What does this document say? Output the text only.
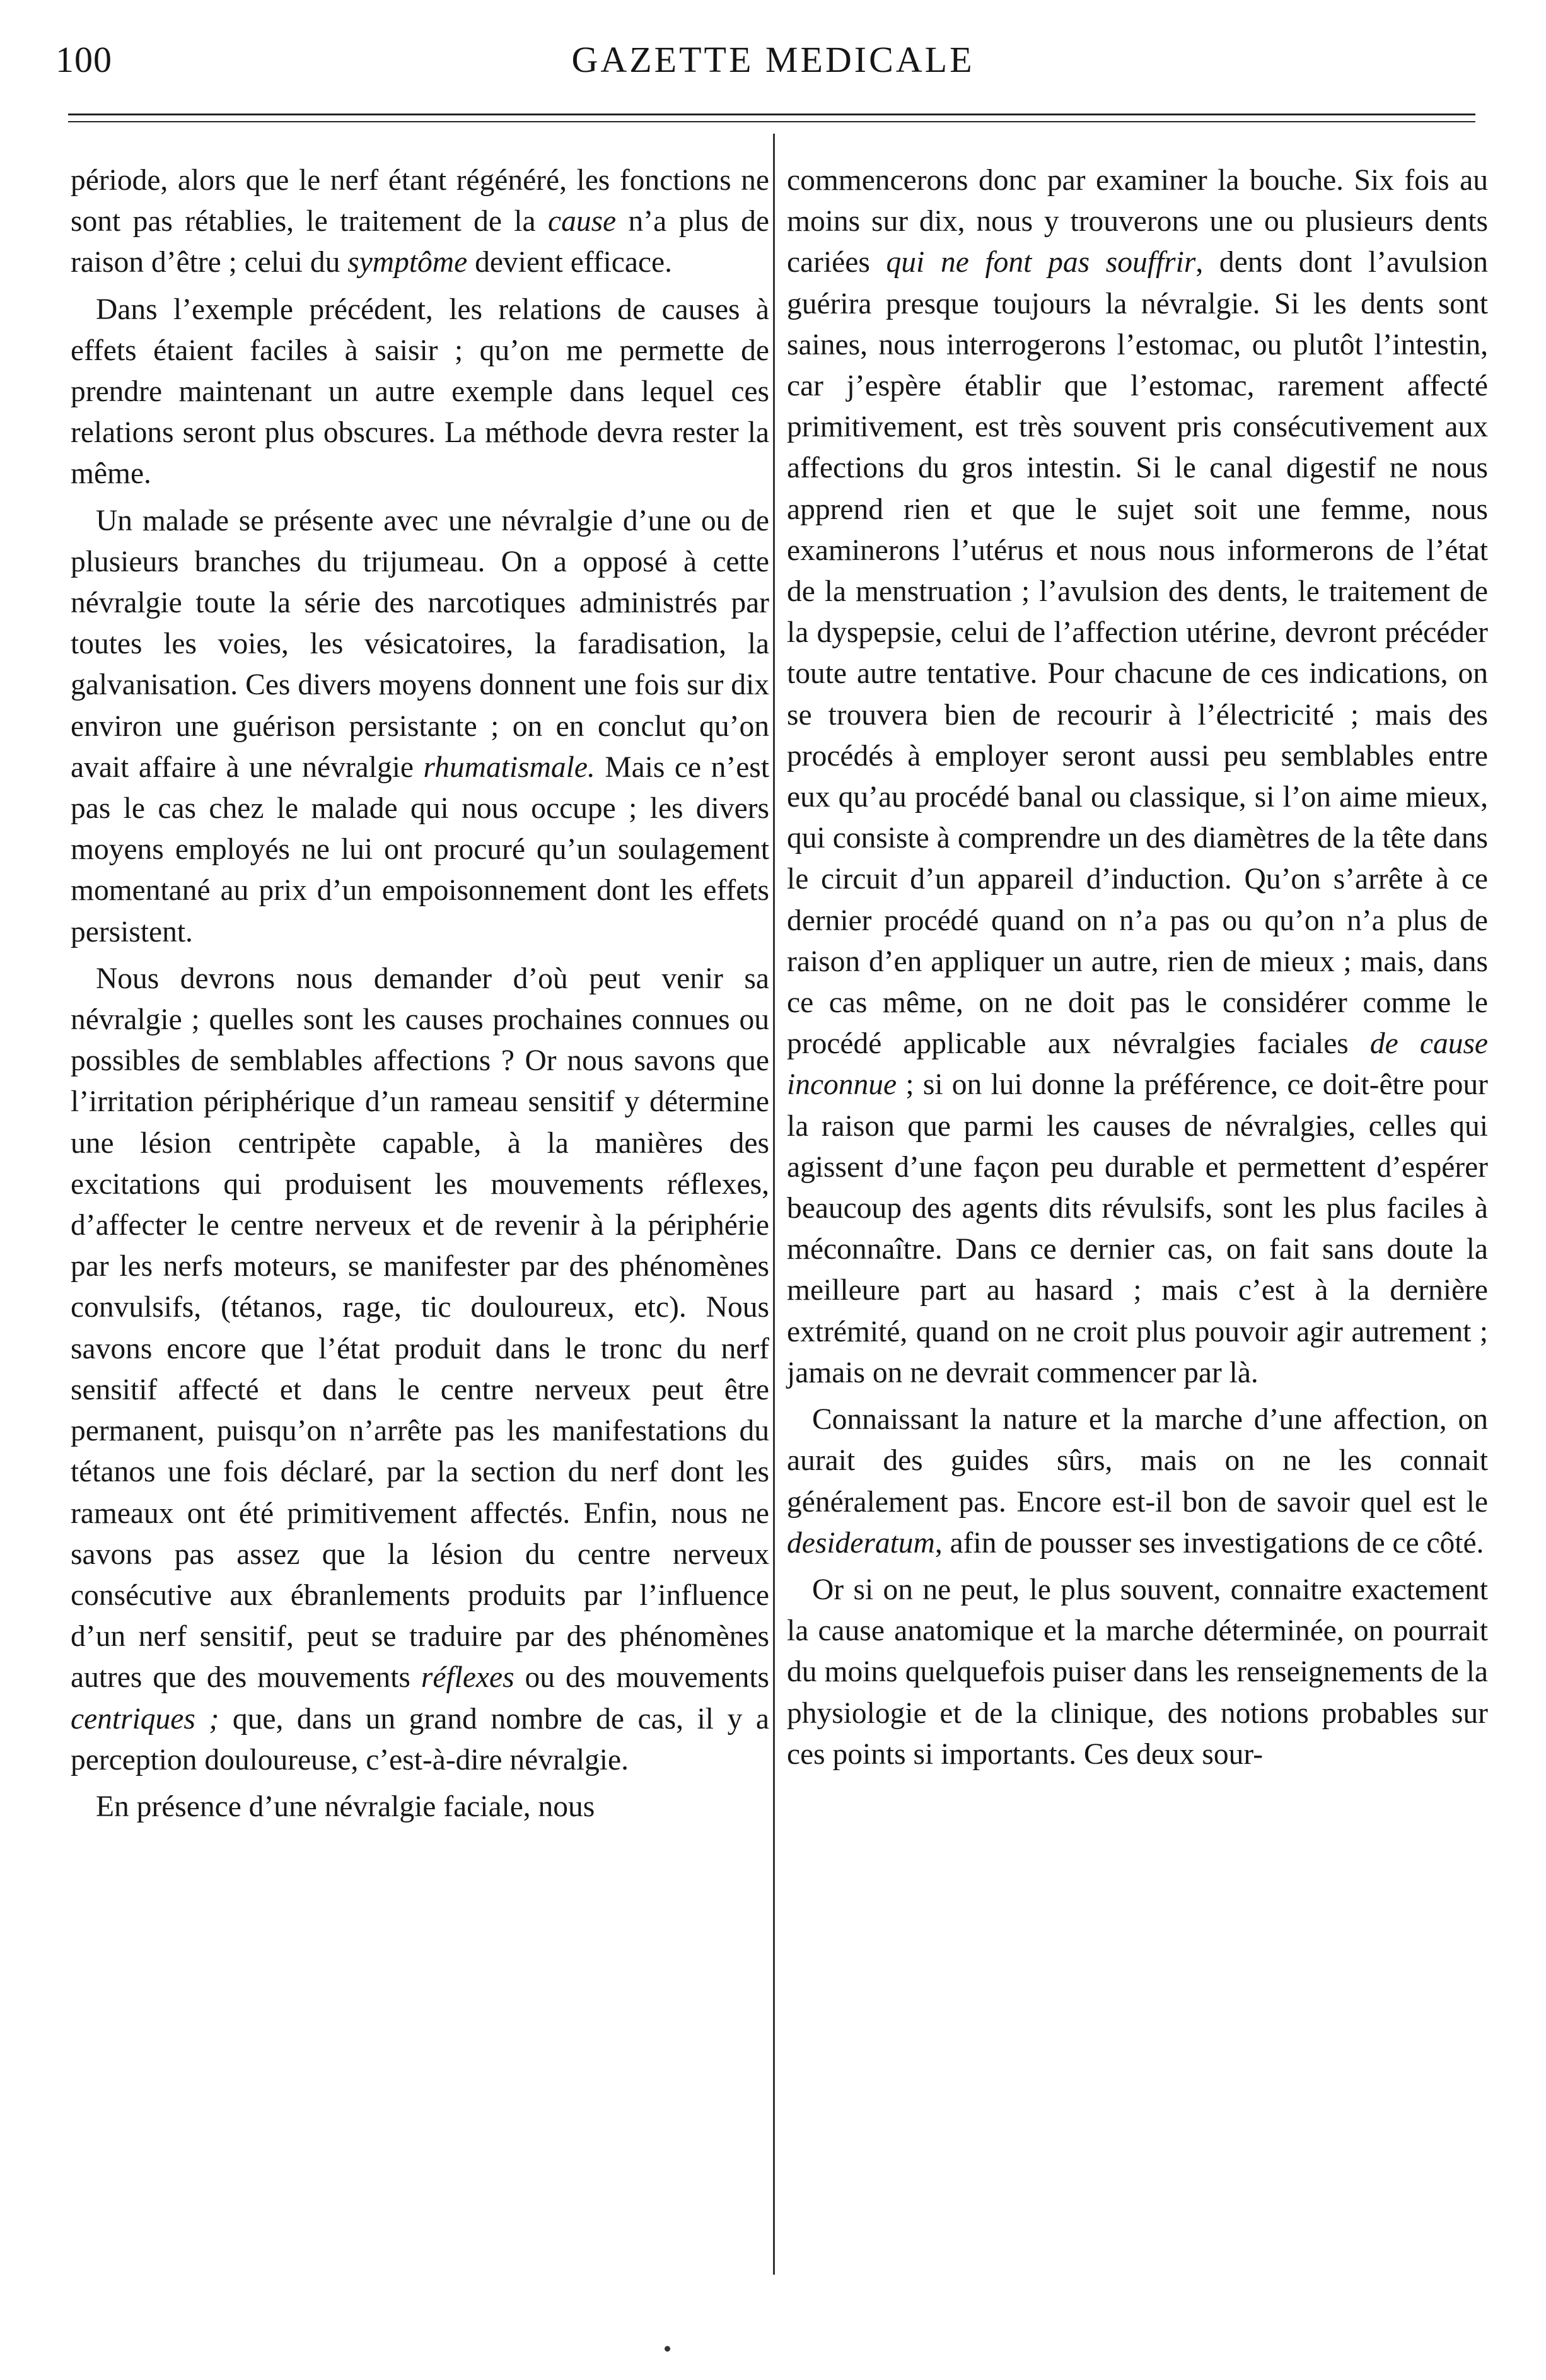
100	GAZETTE MEDICALE

période, alors que le nerf étant régénéré, les fonctions ne sont pas rétablies, le traitement de la cause n’a plus de raison d’être ; celui du symptôme devient efficace.

Dans l’exemple précédent, les relations de causes à effets étaient faciles à saisir ; qu’on me permette de prendre maintenant un autre exemple dans lequel ces relations seront plus obscures. La méthode devra rester la même.

Un malade se présente avec une névralgie d’une ou de plusieurs branches du trijumeau. On a opposé à cette névralgie toute la série des narcotiques administrés par toutes les voies, les vésicatoires, la faradisation, la galvanisation. Ces divers moyens donnent une fois sur dix environ une guérison persistante ; on en conclut qu’on avait affaire à une névralgie rhumatismale. Mais ce n’est pas le cas chez le malade qui nous occupe ; les divers moyens employés ne lui ont procuré qu’un soulagement momentané au prix d’un empoisonnement dont les effets persistent.

Nous devrons nous demander d’où peut venir sa névralgie ; quelles sont les causes prochaines connues ou possibles de semblables affections ? Or nous savons que l’irritation périphérique d’un rameau sensitif y détermine une lésion centripète capable, à la manières des excitations qui produisent les mouvements réflexes, d’affecter le centre nerveux et de revenir à la périphérie par les nerfs moteurs, se manifester par des phénomènes convulsifs, (tétanos, rage, tic douloureux, etc). Nous savons encore que l’état produit dans le tronc du nerf sensitif affecté et dans le centre nerveux peut être permanent, puisqu’on n’arrête pas les manifestations du tétanos une fois déclaré, par la section du nerf dont les rameaux ont été primitivement affectés. Enfin, nous ne savons pas assez que la lésion du centre nerveux consécutive aux ébranlements produits par l’influence d’un nerf sensitif, peut se traduire par des phénomènes autres que des mouvements réflexes ou des mouvements centriques ; que, dans un grand nombre de cas, il y a perception douloureuse, c’est-à-dire névralgie.

En présence d’une névralgie faciale, nous

commencerons donc par examiner la bouche. Six fois au moins sur dix, nous y trouverons une ou plusieurs dents cariées qui ne font pas souffrir, dents dont l’avulsion guérira presque toujours la névralgie. Si les dents sont saines, nous interrogerons l’estomac, ou plutôt l’intestin, car j’espère établir que l’estomac, rarement affecté primitivement, est très souvent pris consécutivement aux affections du gros intestin. Si le canal digestif ne nous apprend rien et que le sujet soit une femme, nous examinerons l’utérus et nous nous informerons de l’état de la menstruation ; l’avulsion des dents, le traitement de la dyspepsie, celui de l’affection utérine, devront précéder toute autre tentative. Pour chacune de ces indications, on se trouvera bien de recourir à l’électricité ; mais des procédés à employer seront aussi peu semblables entre eux qu’au procédé banal ou classique, si l’on aime mieux, qui consiste à comprendre un des diamètres de la tête dans le circuit d’un appareil d’induction. Qu’on s’arrête à ce dernier procédé quand on n’a pas ou qu’on n’a plus de raison d’en appliquer un autre, rien de mieux ; mais, dans ce cas même, on ne doit pas le considérer comme le procédé applicable aux névralgies faciales de cause inconnue ; si on lui donne la préférence, ce doit-être pour la raison que parmi les causes de névralgies, celles qui agissent d’une façon peu durable et permettent d’espérer beaucoup des agents dits révulsifs, sont les plus faciles à méconnaître. Dans ce dernier cas, on fait sans doute la meilleure part au hasard ; mais c’est à la dernière extrémité, quand on ne croit plus pouvoir agir autrement ; jamais on ne devrait commencer par là.

Connaissant la nature et la marche d’une affection, on aurait des guides sûrs, mais on ne les connait généralement pas. Encore est-il bon de savoir quel est le desideratum, afin de pousser ses investigations de ce côté.

Or si on ne peut, le plus souvent, connaitre exactement la cause anatomique et la marche déterminée, on pourrait du moins quelquefois puiser dans les renseignements de la physiologie et de la clinique, des notions probables sur ces points si importants. Ces deux sour-
